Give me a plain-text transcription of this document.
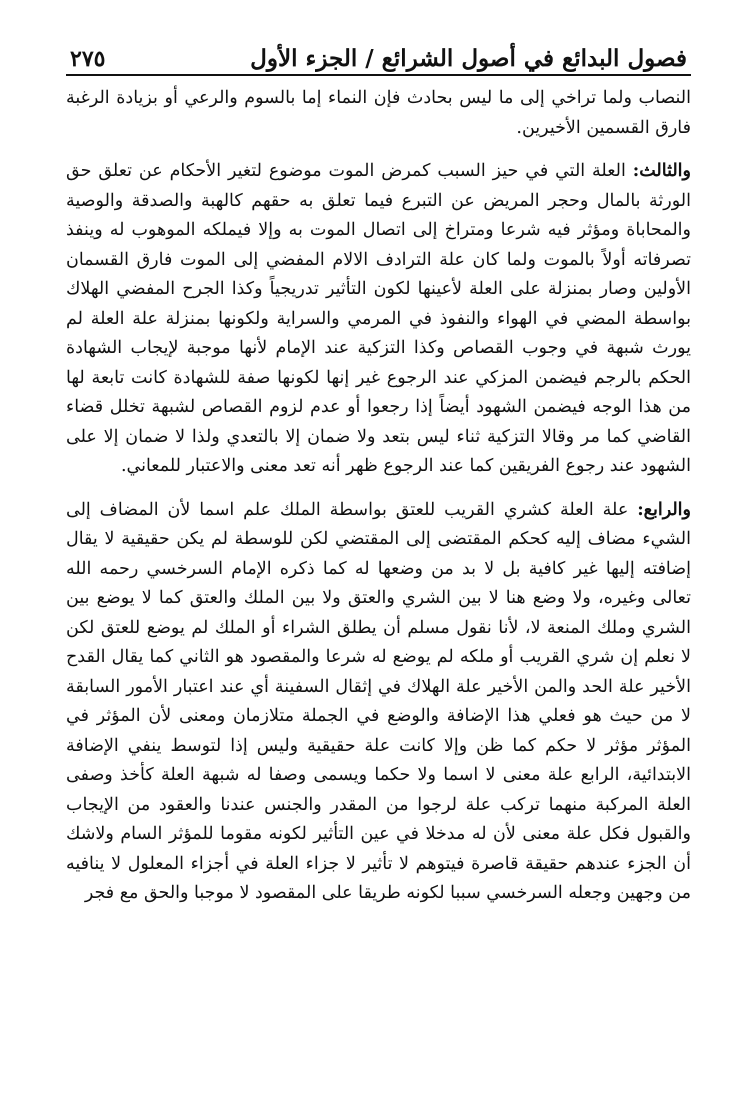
فصول البدائع في أصول الشرائع / الجزء الأول
٢٧٥

النصاب ولما تراخي إلى ما ليس بحادث فإن النماء إما بالسوم والرعي أو بزيادة الرغبة فارق القسمين الأخيرين.

والثالث: العلة التي في حيز السبب كمرض الموت موضوع لتغير الأحكام عن تعلق حق الورثة بالمال وحجر المريض عن التبرع فيما تعلق به حقهم كالهبة والصدقة والوصية والمحاباة ومؤثر فيه شرعا ومتراخ إلى اتصال الموت به وإلا فيملكه الموهوب له وينفذ تصرفاته أولاً بالموت ولما كان علة الترادف الالام المفضي إلى الموت فارق القسمان الأولين وصار بمنزلة على العلة لأعينها لكون التأثير تدريجياً وكذا الجرح المفضي الهلاك بواسطة المضي في الهواء والنفوذ في المرمي والسراية ولكونها بمنزلة علة العلة لم يورث شبهة في وجوب القصاص وكذا التزكية عند الإمام لأنها موجبة لإيجاب الشهادة الحكم بالرجم فيضمن المزكي عند الرجوع غير إنها لكونها صفة للشهادة كانت تابعة لها من هذا الوجه فيضمن الشهود أيضاً إذا رجعوا أو عدم لزوم القصاص لشبهة تخلل قضاء القاضي كما مر وقالا التزكية ثناء ليس بتعد ولا ضمان إلا بالتعدي ولذا لا ضمان إلا على الشهود عند رجوع الفريقين كما عند الرجوع ظهر أنه تعد معنى والاعتبار للمعاني.

والرابع: علة العلة كشري القريب للعتق بواسطة الملك علم اسما لأن المضاف إلى الشيء مضاف إليه كحكم المقتضى إلى المقتضي لكن للوسطة لم يكن حقيقية لا يقال إضافته إليها غير كافية بل لا بد من وضعها له كما ذكره الإمام السرخسي رحمه الله تعالى وغيره، ولا وضع هنا لا بين الشري والعتق ولا بين الملك والعتق كما لا يوضع بين الشري وملك المنعة لا، لأنا نقول مسلم أن يطلق الشراء أو الملك لم يوضع للعتق لكن لا نعلم إن شري القريب أو ملكه لم يوضع له شرعا والمقصود هو الثاني كما يقال القدح الأخير علة الحد والمن الأخير علة الهلاك في إثقال السفينة أي عند اعتبار الأمور السابقة لا من حيث هو فعلي هذا الإضافة والوضع في الجملة متلازمان ومعنى لأن المؤثر في المؤثر مؤثر لا حكم كما ظن وإلا كانت علة حقيقية وليس إذا لتوسط ينفي الإضافة الابتدائية، الرابع علة معنى لا اسما ولا حكما ويسمى وصفا له شبهة العلة كأخذ وصفى العلة المركبة منهما تركب علة لرجوا من المقدر والجنس عندنا والعقود من الإيجاب والقبول فكل علة معنى لأن له مدخلا في عين التأثير لكونه مقوما للمؤثر السام ولاشك أن الجزء عندهم حقيقة قاصرة فيتوهم لا تأثير لا جزاء العلة في أجزاء المعلول لا ينافيه من وجهين وجعله السرخسي سببا لكونه طريقا على المقصود لا موجبا والحق مع فجر
